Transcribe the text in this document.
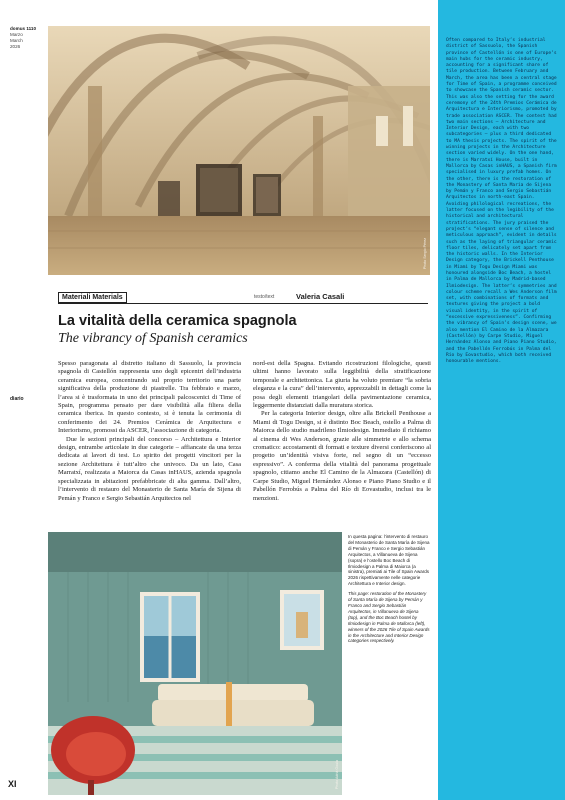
domus 1110
Marzo
March
2026
diario
XI
Photo Sergio Pérez
Materiali Materials	testo/text	Valeria Casali
La vitalità della ceramica spagnola
The vibrancy of Spanish ceramics

Spesso paragonata al distretto italiano di Sassuolo, la provincia spagnola di Castellón rappresenta uno degli epicentri dell’industria ceramica europea, concentrando sul proprio territorio una parte significativa della produzione di piastrelle. Tra febbraio e marzo, l’area si è trasformata in uno dei principali palcoscenici di Time of Spain, programma pensato per dare visibilità alla filiera della ceramica iberica. In questo contesto, si è tenuta la cerimonia di conferimento dei 24. Premios Cerámica de Arquitectura e Interiorismo, promossi da ASCER, l’associazione di categoria.

Due le sezioni principali del concorso – Architettura e Interior design, entrambe articolate in due categorie – affiancate da una terza dedicata ai lavori di tesi. Lo spirito dei progetti vincitori per la sezione Architettura è tutt’altro che univoco. Da un lato, Casa Marratxí, realizzata a Maiorca da Casas inHAUS, azienda spagnola specializzata in abitazioni prefabbricate di alta gamma. Dall’altro, l’intervento di restauro del Monasterio de Santa María de Sijena di Pemán y Franco e Sergio Sebastián Arquitectos nel

nord-est della Spagna. Evitando ricostruzioni filologiche, questi ultimi hanno lavorato sulla leggibilità della stratificazione temporale e architettonica. La giuria ha voluto premiare “la sobria eleganza e la cura” dell’intervento, apprezzabili in dettagli come la posa degli elementi triangolari della pavimentazione ceramica, leggermente distanziati dalla muratura storica.

Per la categoria Interior design, oltre alla Brickell Penthouse a Miami di Togu Design, si è distinto Boc Beach, ostello a Palma di Maiorca dello studio madrileno Ilmiodesign. Immediato il richiamo al cinema di Wes Anderson, grazie alle simmetrie e allo schema cromatico: accostamenti di formati e texture diversi conferiscono al progetto un’identità visiva forte, nel segno di un “eccesso espressivo”. A conferma della vitalità del panorama progettuale spagnolo, citiamo anche El Camino de la Almazara (Castellón) di Carpe Studio, Miguel Hernández Alonso e Piano Piano Studio e il Pabellón Ferrobús a Palma del Río di Eovastudio, inclusi tra le menzioni.

Photo Adrià Goula

In questa pagina: l’intervento di restauro del Monasterio de Santa María de Sijena di Pemán y Franco e Sergio Sebastián Arquitectos, a Villanueva de Sijena (sopra) e l’ostello Boc Beach di Ilmiodesign a Palma di Maiorca (a sinistra), premiati ai Tile of Spain Awards 2026 rispettivamente nelle categorie Architettura e Interior design.

This page: restoration of the Monastery of Santa María de Sijena by Pemán y Franco and Sergio Sebastián Arquitectos, in Villanueva de Sijena (top), and the Boc Beach hostel by Ilmiodesign in Palma de Mallorca (left), winners of the 2026 Tile of Spain Awards in the Architecture and Interior Design categories respectively.

Often compared to Italy’s industrial district of Sassuolo, the Spanish province of Castellón is one of Europe’s main hubs for the ceramic industry, accounting for a significant share of tile production. Between February and March, the area has been a central stage for Time of Spain, a programme conceived to showcase the Spanish ceramic sector. This was also the setting for the award ceremony of the 24th Premios Cerámica de Arquitectura e Interiorismo, promoted by trade association ASCER. The contest had two main sections – Architecture and Interior Design, each with two subcategories – plus a third dedicated to MA thesis projects. The spirit of the winning projects in the Architecture section varied widely. On the one hand, there is Marratxí House, built in Mallorca by Casas inHAUS, a Spanish firm specialised in luxury prefab homes. On the other, there is the restoration of the Monastery of Santa María de Sijena by Pemán y Franco and Sergio Sebastián Arquitectos in north-east Spain. Avoiding philological recreations, the latter focused on the legibility of the historical and architectural stratifications. The jury praised the project’s “elegant sense of silence and meticulous approach”, evident in details such as the laying of triangular ceramic floor tiles, delicately set apart from the historic walls. In the Interior Design category, the Brickell Penthouse in Miami by Togu Design Miami was honoured alongside Boc Beach, a hostel in Palma de Mallorca by Madrid-based Ilmiodesign. The latter’s symmetries and colour scheme recall a Wes Anderson film set, with combinations of formats and textures giving the project a bold visual identity, in the spirit of “excessive expressiveness”. Confirming the vibrancy of Spain’s design scene, we also mention El Camino de la Almazara (Castellón) by Carpe Studio, Miguel Hernández Alonso and Piano Piano Studio, and the Pabellón Ferrobús in Palma del Río by Eovastudio, which both received honourable mentions.
